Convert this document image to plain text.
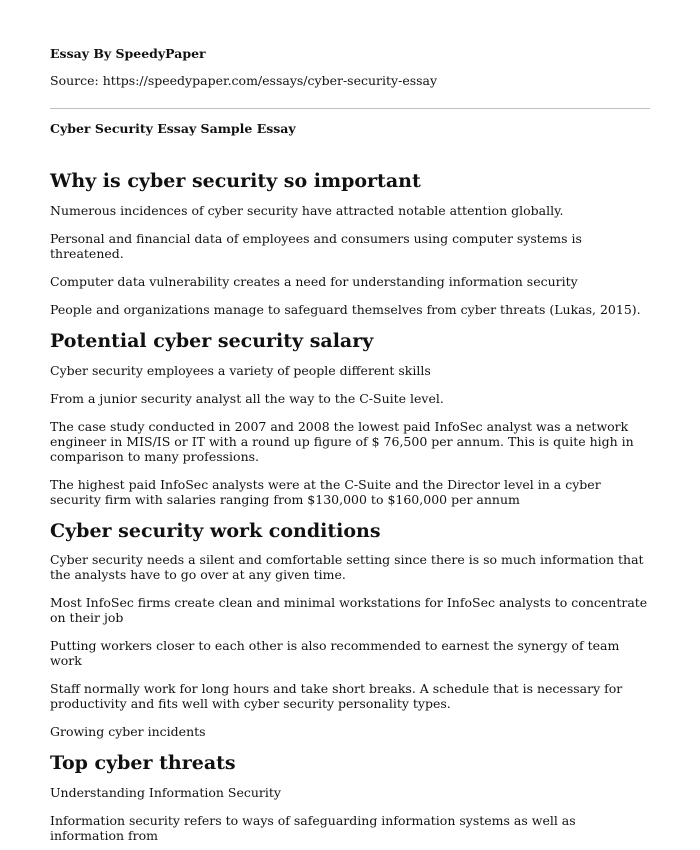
Essay By SpeedyPaper

Source: https://speedypaper.com/essays/cyber-security-essay

Cyber Security Essay Sample Essay

Why is cyber security so important

Numerous incidences of cyber security have attracted notable attention globally.

Personal and financial data of employees and consumers using computer systems is threatened.

Computer data vulnerability creates a need for understanding information security

People and organizations manage to safeguard themselves from cyber threats (Lukas, 2015).

Potential cyber security salary

Cyber security employees a variety of people different skills

From a junior security analyst all the way to the C-Suite level.

The case study conducted in 2007 and 2008 the lowest paid InfoSec analyst was a network engineer in MIS/IS or IT with a round up figure of $ 76,500 per annum. This is quite high in comparison to many professions.

The highest paid InfoSec analysts were at the C-Suite and the Director level in a cyber security firm with salaries ranging from $130,000 to $160,000 per annum

Cyber security work conditions

Cyber security needs a silent and comfortable setting since there is so much information that the analysts have to go over at any given time.

Most InfoSec firms create clean and minimal workstations for InfoSec analysts to concentrate on their job

Putting workers closer to each other is also recommended to earnest the synergy of team work

Staff normally work for long hours and take short breaks. A schedule that is necessary for productivity and fits well with cyber security personality types.

Growing cyber incidents

Top cyber threats

Understanding Information Security

Information security refers to ways of safeguarding information systems as well as information from
